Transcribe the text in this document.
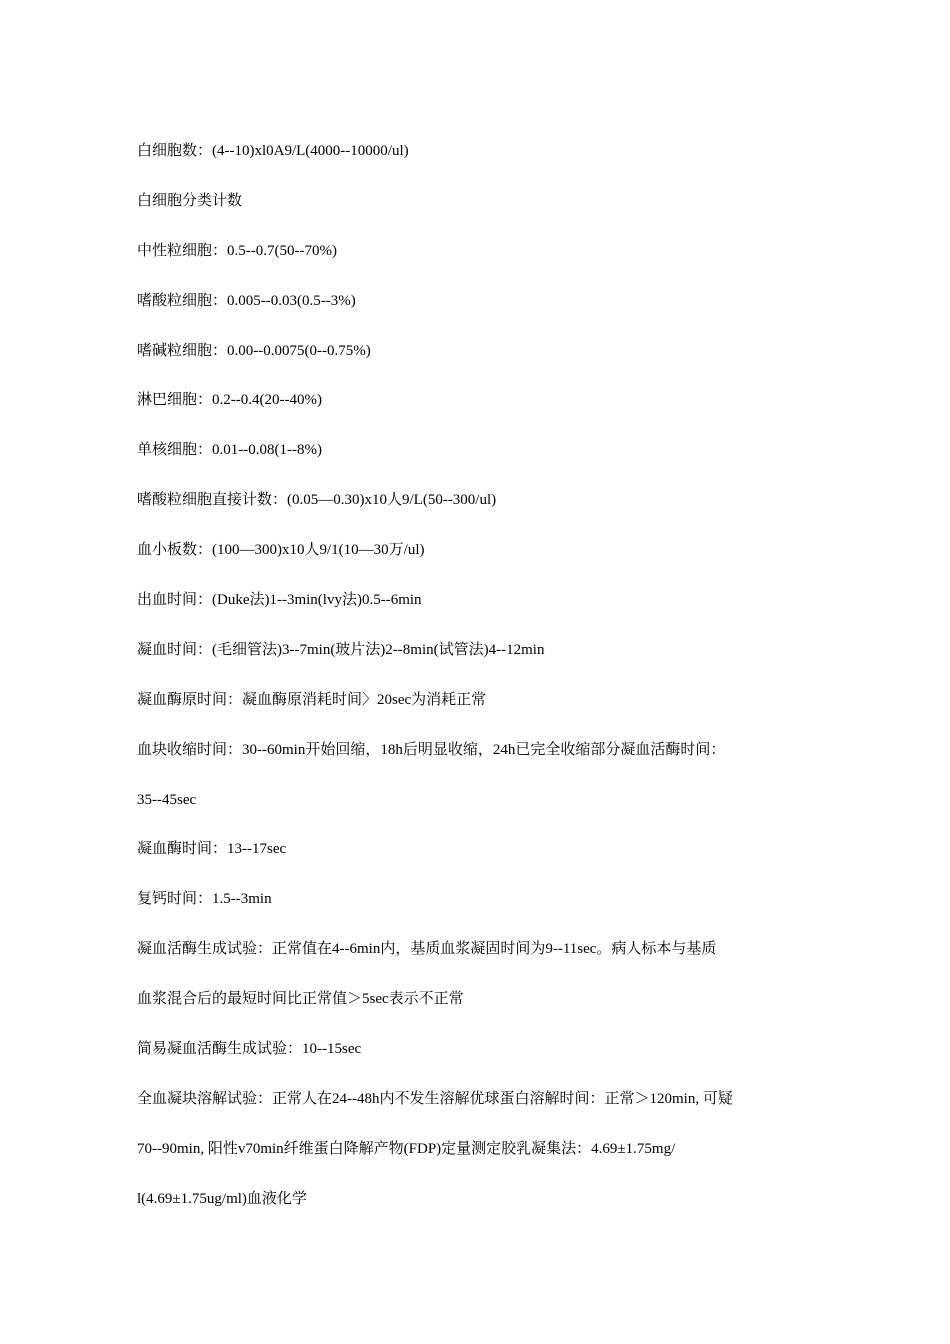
白细胞数：(4--10)xl0A9/L(4000--10000/ul)
白细胞分类计数
中性粒细胞：0.5--0.7(50--70%)
嗜酸粒细胞：0.005--0.03(0.5--3%)
嗜碱粒细胞：0.00--0.0075(0--0.75%)
淋巴细胞：0.2--0.4(20--40%)
单核细胞：0.01--0.08(1--8%)
嗜酸粒细胞直接计数：(0.05—0.30)x10人9/L(50--300/ul)
血小板数：(100—300)x10人9/1(10—30万/ul)
出血时间：(Duke法)1--3min(lvy法)0.5--6min
凝血时间：(毛细管法)3--7min(玻片法)2--8min(试管法)4--12min
凝血酶原时间：凝血酶原消耗时间〉20sec为消耗正常
血块收缩时间：30--60min开始回缩，18h后明显收缩，24h已完全收缩部分凝血活酶时间：
35--45sec
凝血酶时间：13--17sec
复钙时间：1.5--3min
凝血活酶生成试验：正常值在4--6min内，基质血浆凝固时间为9--11sec。病人标本与基质
血浆混合后的最短时间比正常值＞5sec表示不正常
简易凝血活酶生成试验：10--15sec
全血凝块溶解试验：正常人在24--48h内不发生溶解优球蛋白溶解时间：正常＞120min, 可疑
70--90min, 阳性v70min纤维蛋白降解产物(FDP)定量测定胶乳凝集法：4.69±1.75mg/
l(4.69±1.75ug/ml)血液化学
